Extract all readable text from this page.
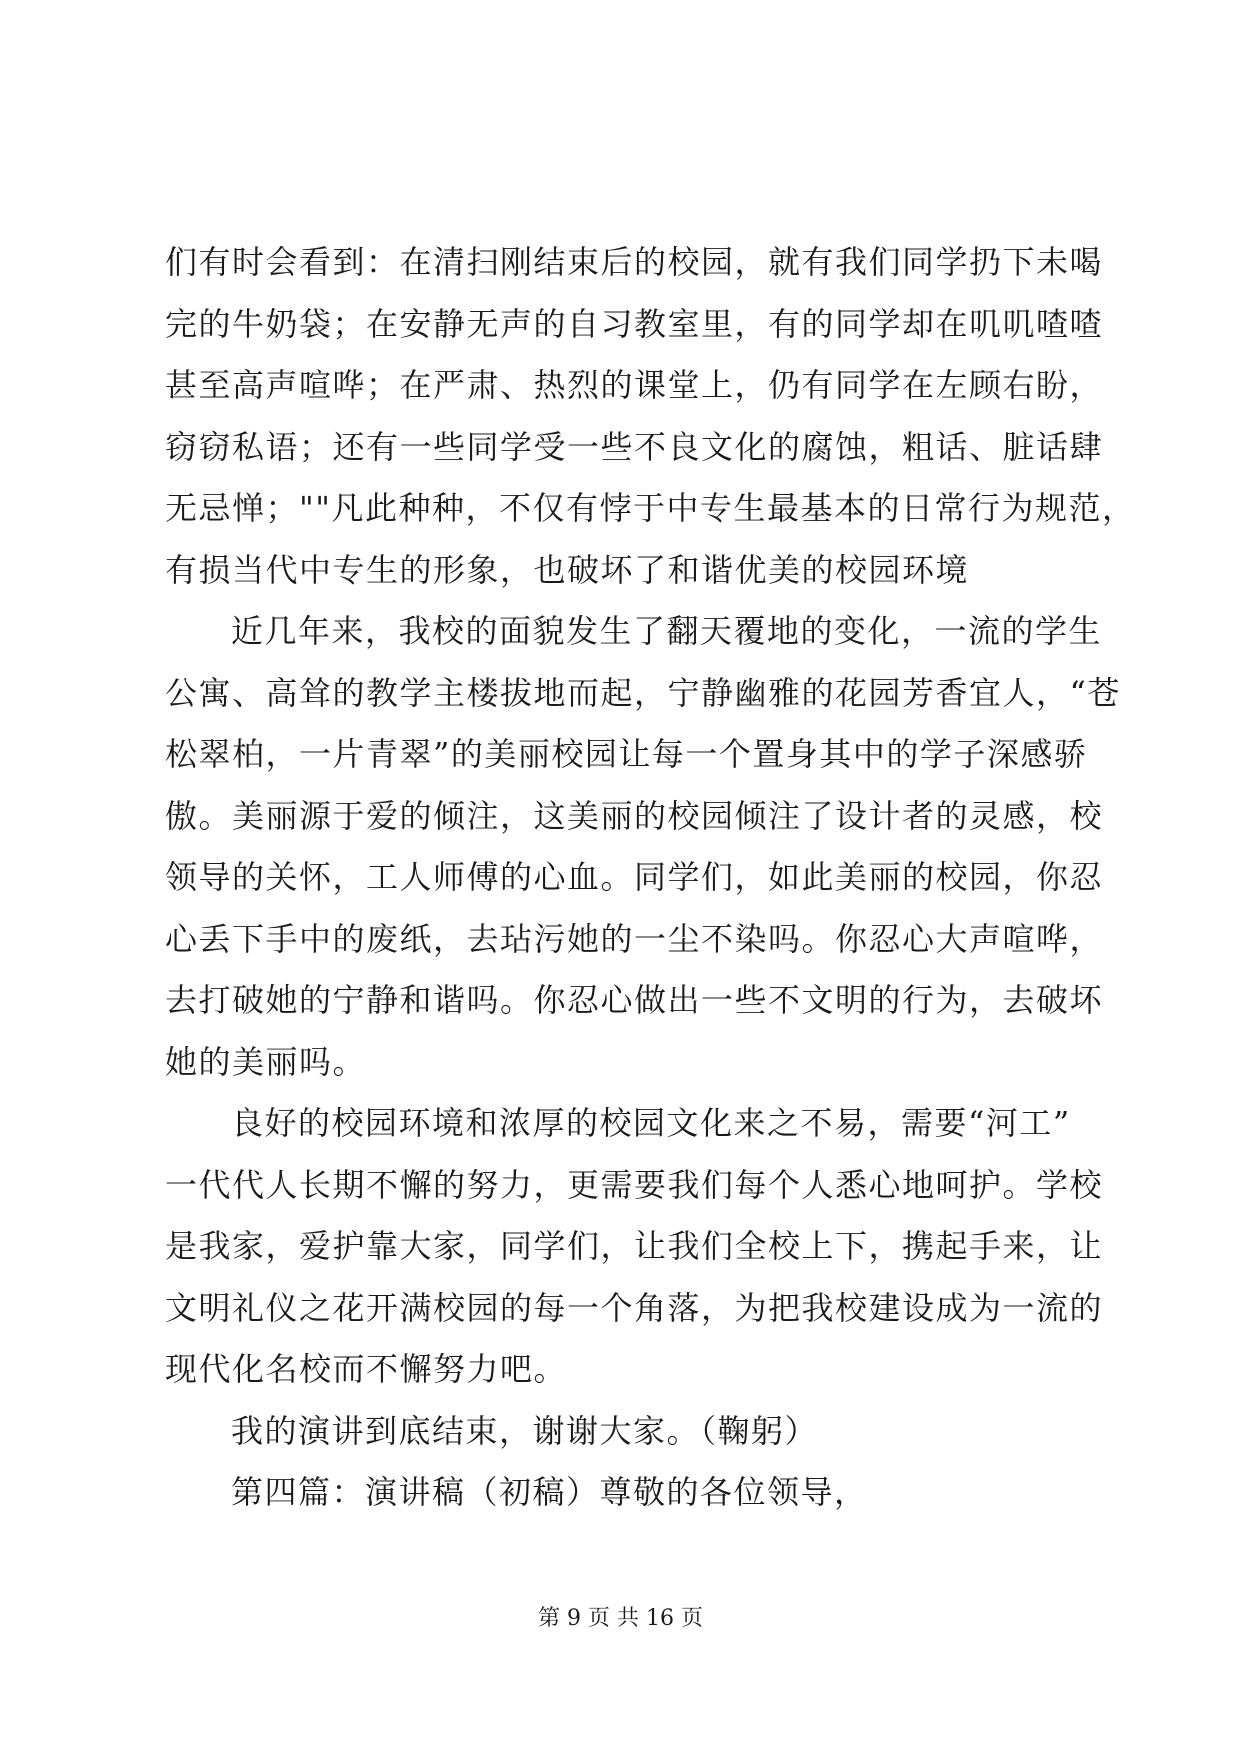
们有时会看到：在清扫刚结束后的校园，就有我们同学扔下未喝
完的牛奶袋；在安静无声的自习教室里，有的同学却在叽叽喳喳
甚至高声喧哗；在严肃、热烈的课堂上，仍有同学在左顾右盼，
窃窃私语；还有一些同学受一些不良文化的腐蚀，粗话、脏话肆
无忌惮；""凡此种种，不仅有悖于中专生最基本的日常行为规范，
有损当代中专生的形象，也破坏了和谐优美的校园环境
近几年来，我校的面貌发生了翻天覆地的变化，一流的学生
公寓、高耸的教学主楼拔地而起，宁静幽雅的花园芳香宜人，“苍
松翠柏，一片青翠”的美丽校园让每一个置身其中的学子深感骄
傲。美丽源于爱的倾注，这美丽的校园倾注了设计者的灵感，校
领导的关怀，工人师傅的心血。同学们，如此美丽的校园，你忍
心丢下手中的废纸，去玷污她的一尘不染吗。你忍心大声喧哗，
去打破她的宁静和谐吗。你忍心做出一些不文明的行为，去破坏
她的美丽吗。
良好的校园环境和浓厚的校园文化来之不易，需要“河工”
一代代人长期不懈的努力，更需要我们每个人悉心地呵护。学校
是我家，爱护靠大家，同学们，让我们全校上下，携起手来，让
文明礼仪之花开满校园的每一个角落，为把我校建设成为一流的
现代化名校而不懈努力吧。
我的演讲到底结束，谢谢大家。（鞠躬）
第四篇：演讲稿（初稿）尊敬的各位领导，
第 9 页 共 16 页
